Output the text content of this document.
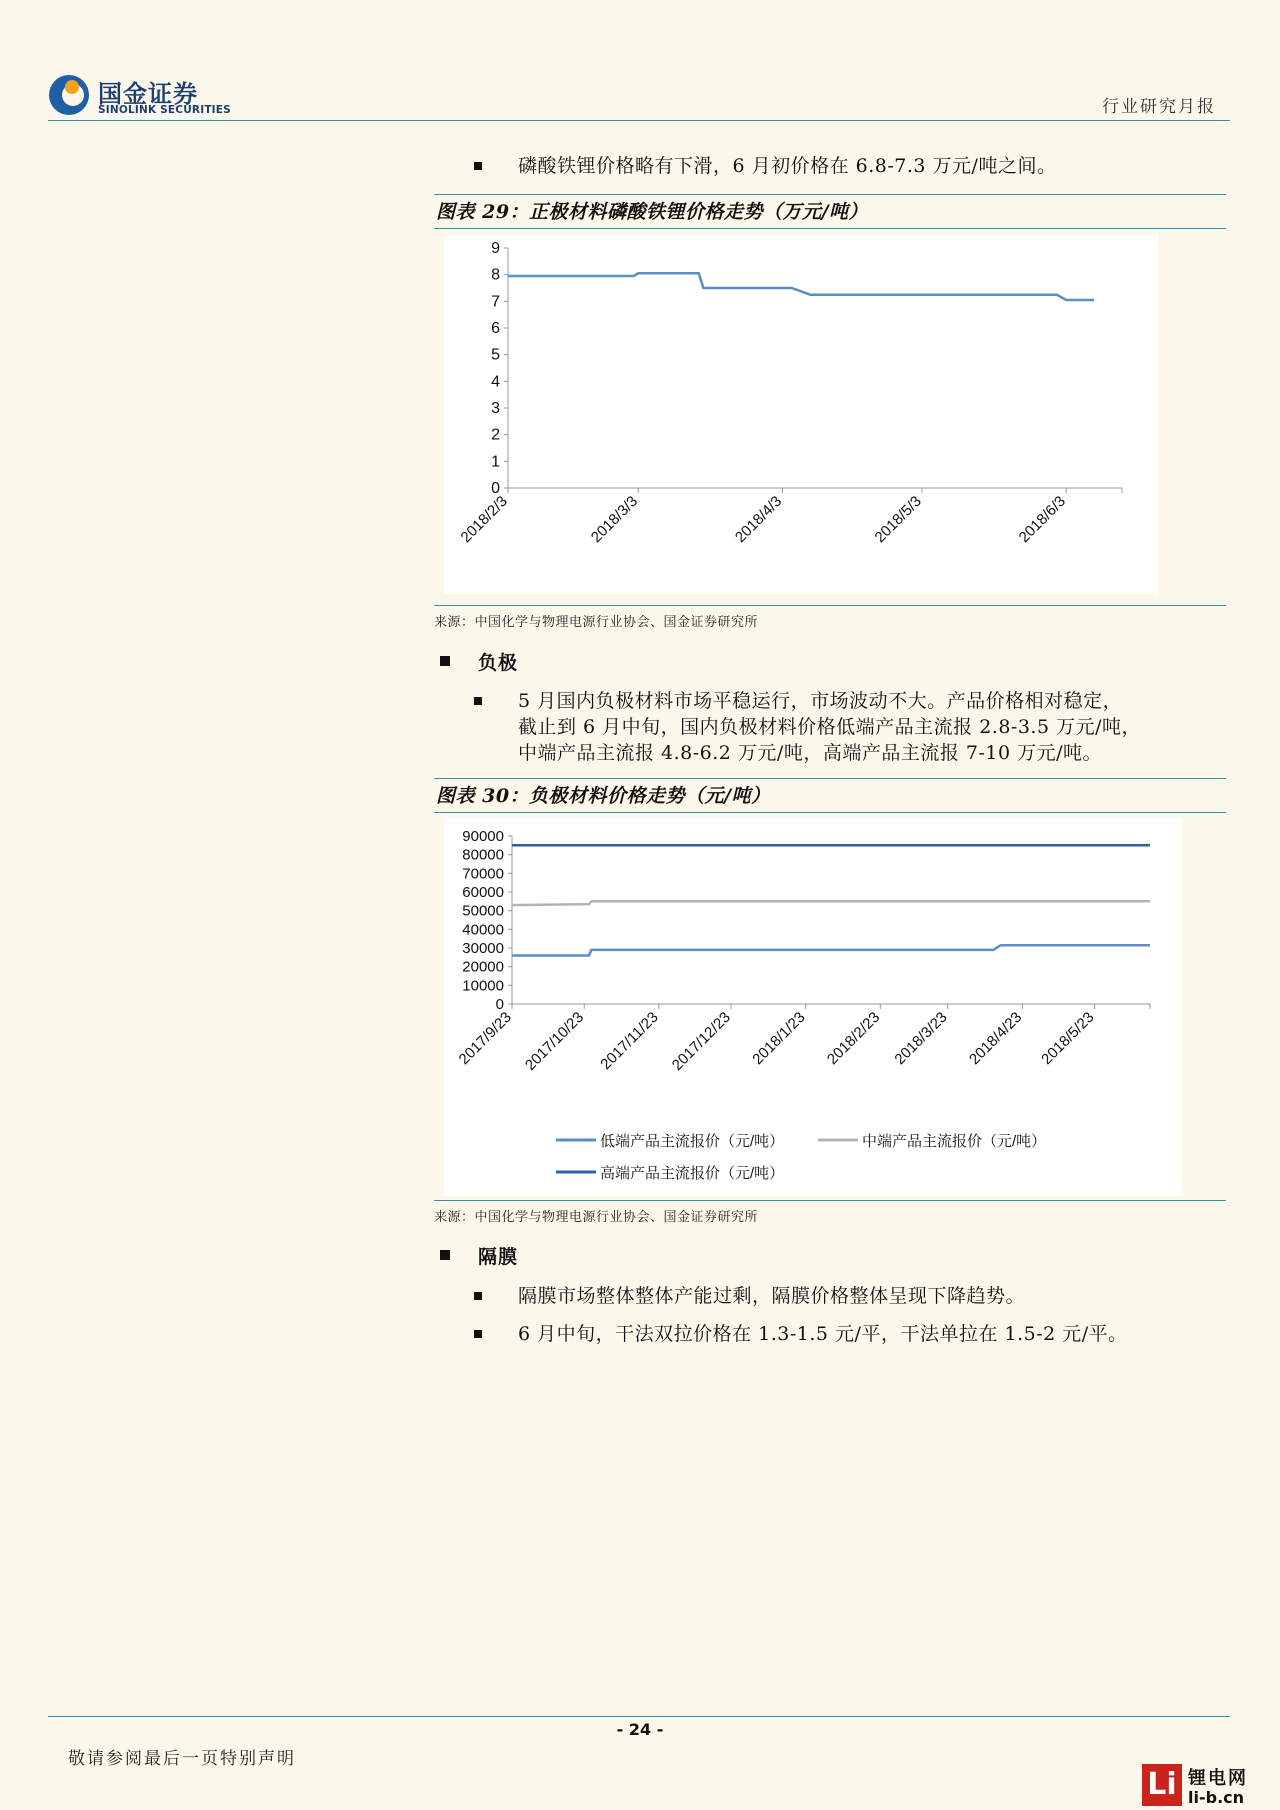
国金证券
SINOLINK SECURITIES	行业研究月报
磷酸铁锂价格略有下滑，6 月初价格在 6.8-7.3 万元/吨之间。
图表 29：正极材料磷酸铁锂价格走势（万元/吨）
0
1
2
3
4
5
6
7
8
9
2018/2/3	2018/3/3	2018/4/3	2018/5/3	2018/6/3
来源：中国化学与物理电源行业协会、国金证券研究所
负极
5 月国内负极材料市场平稳运行，市场波动不大。产品价格相对稳定，
截止到 6 月中旬，国内负极材料价格低端产品主流报 2.8-3.5 万元/吨，
中端产品主流报 4.8-6.2 万元/吨，高端产品主流报 7-10 万元/吨。
图表 30：负极材料价格走势（元/吨）
0
10000
20000
30000
40000
50000
60000
70000
80000
90000
2017/9/23 2017/10/23 2017/11/23 2017/12/23 2018/1/23 2018/2/23 2018/3/23 2018/4/23 2018/5/23
低端产品主流报价（元/吨）	中端产品主流报价（元/吨）
高端产品主流报价（元/吨）
来源：中国化学与物理电源行业协会、国金证券研究所
隔膜
隔膜市场整体整体产能过剩，隔膜价格整体呈现下降趋势。
6 月中旬，干法双拉价格在 1.3-1.5 元/平，干法单拉在 1.5-2 元/平。
- 24 -
敬请参阅最后一页特别声明
Li 锂电网
li-b.cn
